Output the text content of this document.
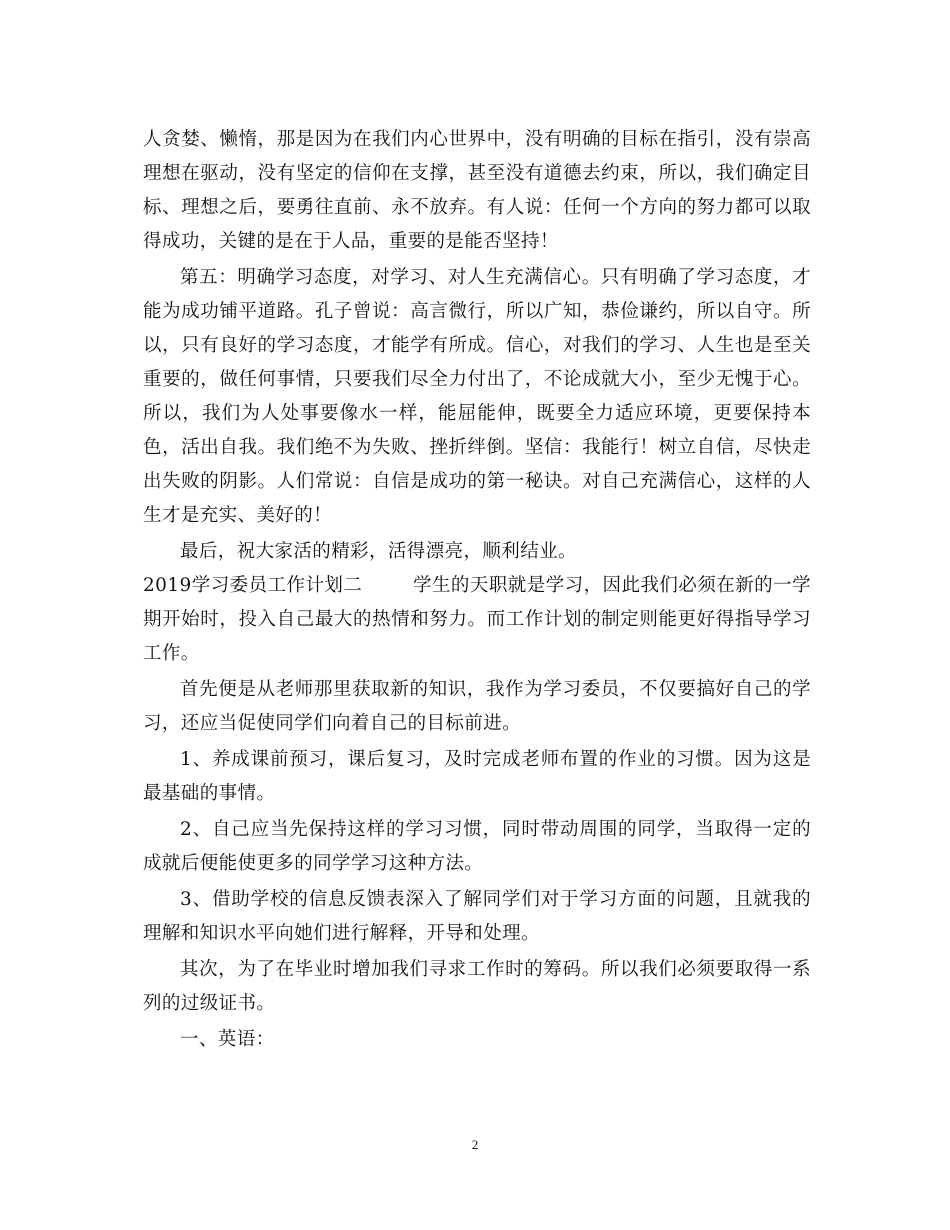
人贪婪、懒惰，那是因为在我们内心世界中，没有明确的目标在指引，没有崇高理想在驱动，没有坚定的信仰在支撑，甚至没有道德去约束，所以，我们确定目标、理想之后，要勇往直前、永不放弃。有人说：任何一个方向的努力都可以取得成功，关键的是在于人品，重要的是能否坚持！

第五：明确学习态度，对学习、对人生充满信心。只有明确了学习态度，才能为成功铺平道路。孔子曾说：高言微行，所以广知，恭俭谦约，所以自守。所以，只有良好的学习态度，才能学有所成。信心，对我们的学习、人生也是至关重要的，做任何事情，只要我们尽全力付出了，不论成就大小，至少无愧于心。所以，我们为人处事要像水一样，能屈能伸，既要全力适应环境，更要保持本色，活出自我。我们绝不为失败、挫折绊倒。坚信：我能行！树立自信，尽快走出失败的阴影。人们常说：自信是成功的第一秘诀。对自己充满信心，这样的人生才是充实、美好的！

最后，祝大家活的精彩，活得漂亮，顺利结业。

2019学习委员工作计划二	学生的天职就是学习，因此我们必须在新的一学期开始时，投入自己最大的热情和努力。而工作计划的制定则能更好得指导学习工作。

首先便是从老师那里获取新的知识，我作为学习委员，不仅要搞好自己的学习，还应当促使同学们向着自己的目标前进。

1、养成课前预习，课后复习，及时完成老师布置的作业的习惯。因为这是最基础的事情。

2、自己应当先保持这样的学习习惯，同时带动周围的同学，当取得一定的成就后便能使更多的同学学习这种方法。

3、借助学校的信息反馈表深入了解同学们对于学习方面的问题，且就我的理解和知识水平向她们进行解释，开导和处理。

其次，为了在毕业时增加我们寻求工作时的筹码。所以我们必须要取得一系列的过级证书。

一、英语：

2
